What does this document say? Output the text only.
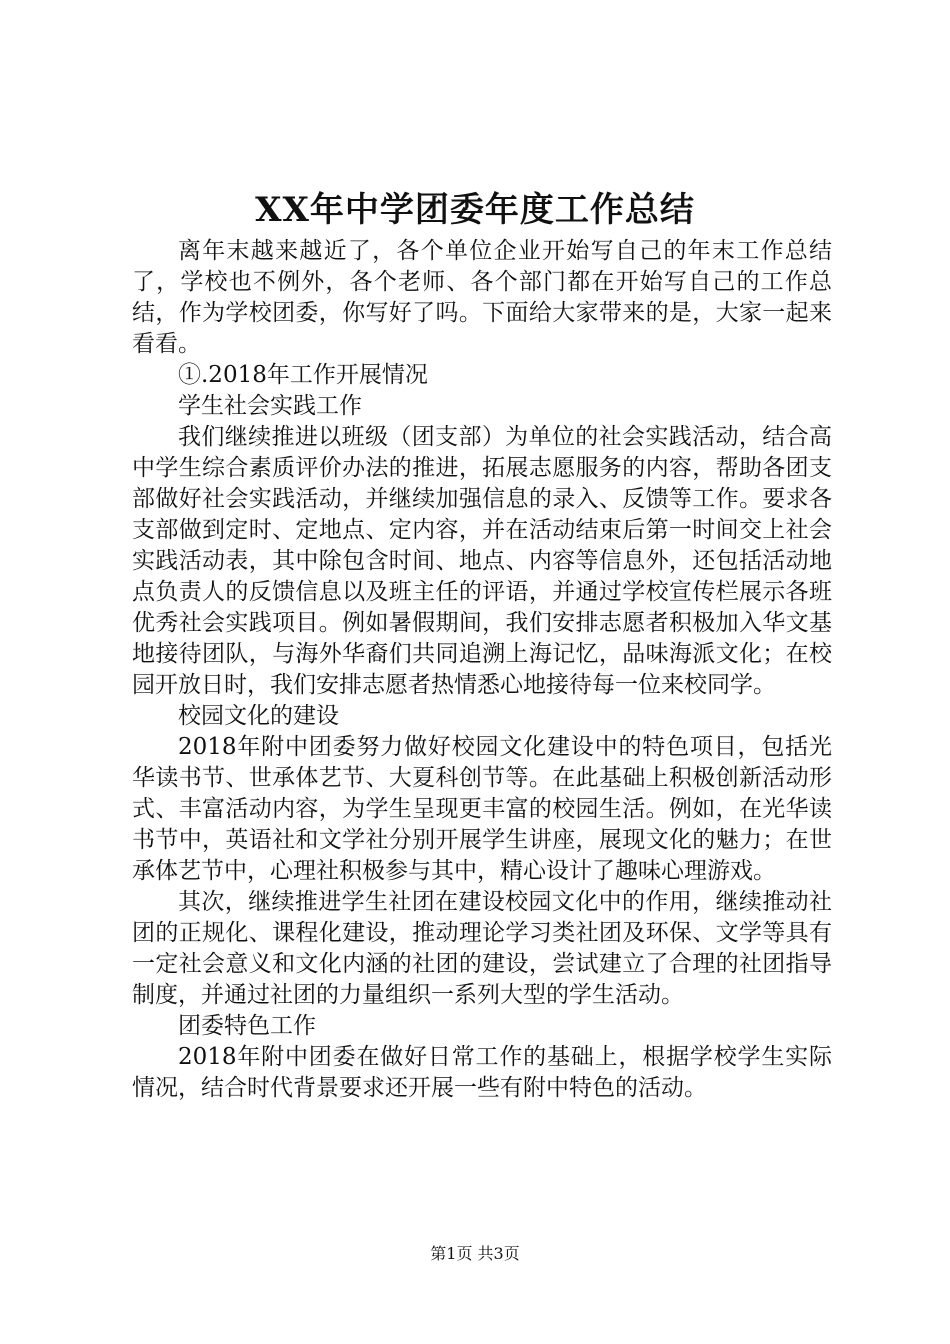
XX年中学团委年度工作总结

离年末越来越近了，各个单位企业开始写自己的年末工作总结了，学校也不例外，各个老师、各个部门都在开始写自己的工作总结，作为学校团委，你写好了吗。下面给大家带来的是，大家一起来看看。

①.2018年工作开展情况

学生社会实践工作

我们继续推进以班级（团支部）为单位的社会实践活动，结合高中学生综合素质评价办法的推进，拓展志愿服务的内容，帮助各团支部做好社会实践活动，并继续加强信息的录入、反馈等工作。要求各支部做到定时、定地点、定内容，并在活动结束后第一时间交上社会实践活动表，其中除包含时间、地点、内容等信息外，还包括活动地点负责人的反馈信息以及班主任的评语，并通过学校宣传栏展示各班优秀社会实践项目。例如暑假期间，我们安排志愿者积极加入华文基地接待团队，与海外华裔们共同追溯上海记忆，品味海派文化；在校园开放日时，我们安排志愿者热情悉心地接待每一位来校同学。

校园文化的建设

2018年附中团委努力做好校园文化建设中的特色项目，包括光华读书节、世承体艺节、大夏科创节等。在此基础上积极创新活动形式、丰富活动内容，为学生呈现更丰富的校园生活。例如，在光华读书节中，英语社和文学社分别开展学生讲座，展现文化的魅力；在世承体艺节中，心理社积极参与其中，精心设计了趣味心理游戏。

其次，继续推进学生社团在建设校园文化中的作用，继续推动社团的正规化、课程化建设，推动理论学习类社团及环保、文学等具有一定社会意义和文化内涵的社团的建设，尝试建立了合理的社团指导制度，并通过社团的力量组织一系列大型的学生活动。

团委特色工作

2018年附中团委在做好日常工作的基础上，根据学校学生实际情况，结合时代背景要求还开展一些有附中特色的活动。

第1页 共3页
